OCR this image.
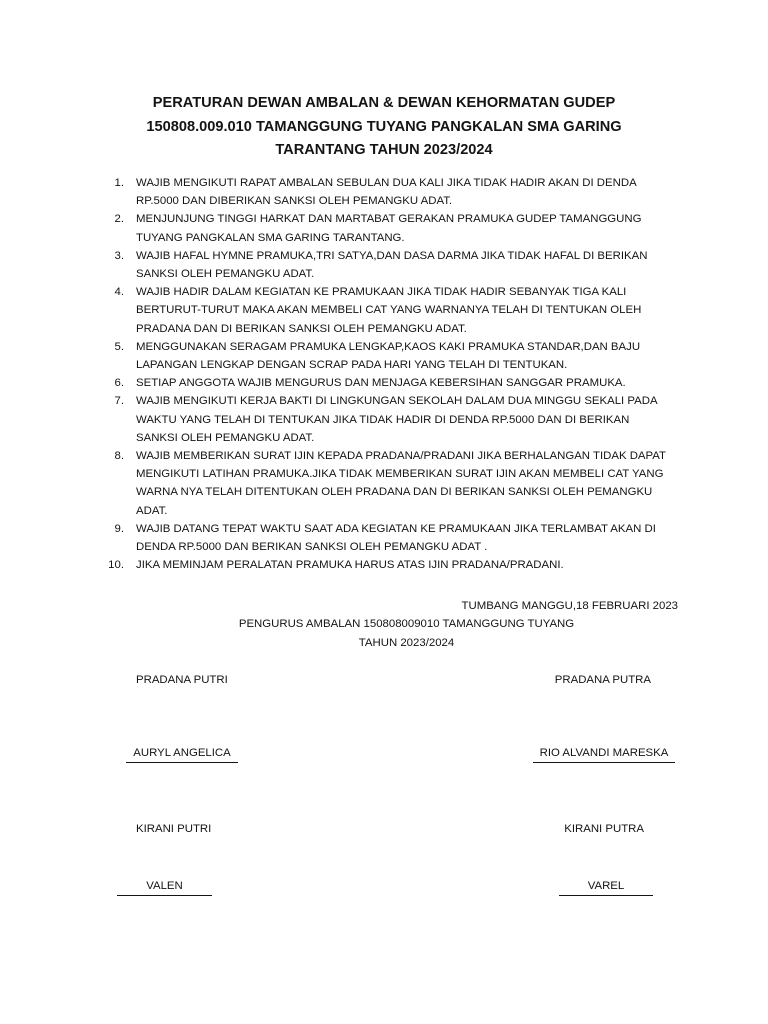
PERATURAN DEWAN AMBALAN & DEWAN KEHORMATAN GUDEP
150808.009.010 TAMANGGUNG TUYANG PANGKALAN SMA GARING
TARANTANG TAHUN 2023/2024
1. WAJIB MENGIKUTI RAPAT AMBALAN SEBULAN DUA KALI JIKA TIDAK HADIR AKAN DI DENDA
RP.5000 DAN DIBERIKAN SANKSI OLEH PEMANGKU ADAT.
2. MENJUNJUNG TINGGI HARKAT DAN MARTABAT GERAKAN PRAMUKA GUDEP TAMANGGUNG
TUYANG PANGKALAN SMA GARING TARANTANG.
3. WAJIB HAFAL HYMNE PRAMUKA,TRI SATYA,DAN DASA DARMA JIKA TIDAK HAFAL DI BERIKAN
SANKSI OLEH PEMANGKU ADAT.
4. WAJIB HADIR DALAM KEGIATAN KE PRAMUKAAN JIKA TIDAK HADIR SEBANYAK TIGA KALI
BERTURUT-TURUT MAKA AKAN MEMBELI CAT YANG WARNANYA TELAH DI TENTUKAN OLEH
PRADANA DAN DI BERIKAN SANKSI OLEH PEMANGKU ADAT.
5. MENGGUNAKAN SERAGAM PRAMUKA LENGKAP,KAOS KAKI PRAMUKA STANDAR,DAN BAJU
LAPANGAN LENGKAP DENGAN SCRAP PADA HARI YANG TELAH DI TENTUKAN.
6. SETIAP ANGGOTA WAJIB MENGURUS DAN MENJAGA KEBERSIHAN SANGGAR PRAMUKA.
7. WAJIB MENGIKUTI KERJA BAKTI DI LINGKUNGAN SEKOLAH DALAM DUA MINGGU SEKALI PADA
WAKTU YANG TELAH DI TENTUKAN JIKA TIDAK HADIR DI DENDA RP.5000 DAN DI BERIKAN
SANKSI OLEH PEMANGKU ADAT.
8. WAJIB MEMBERIKAN SURAT IJIN KEPADA PRADANA/PRADANI JIKA BERHALANGAN TIDAK DAPAT
MENGIKUTI LATIHAN PRAMUKA.JIKA TIDAK MEMBERIKAN SURAT IJIN AKAN MEMBELI CAT YANG
WARNA NYA TELAH DITENTUKAN OLEH PRADANA DAN DI BERIKAN SANKSI OLEH PEMANGKU
ADAT.
9. WAJIB DATANG TEPAT WAKTU SAAT ADA KEGIATAN KE PRAMUKAAN JIKA TERLAMBAT AKAN DI
DENDA RP.5000 DAN BERIKAN SANKSI OLEH PEMANGKU ADAT .
10. JIKA MEMINJAM PERALATAN PRAMUKA HARUS ATAS IJIN PRADANA/PRADANI.
TUMBANG MANGGU,18 FEBRUARI 2023
PENGURUS AMBALAN 150808009010 TAMANGGUNG TUYANG
TAHUN 2023/2024
PRADANA PUTRI	PRADANA PUTRA
AURYL ANGELICA	RIO ALVANDI MARESKA
KIRANI PUTRI	KIRANI PUTRA
VALEN	VAREL
